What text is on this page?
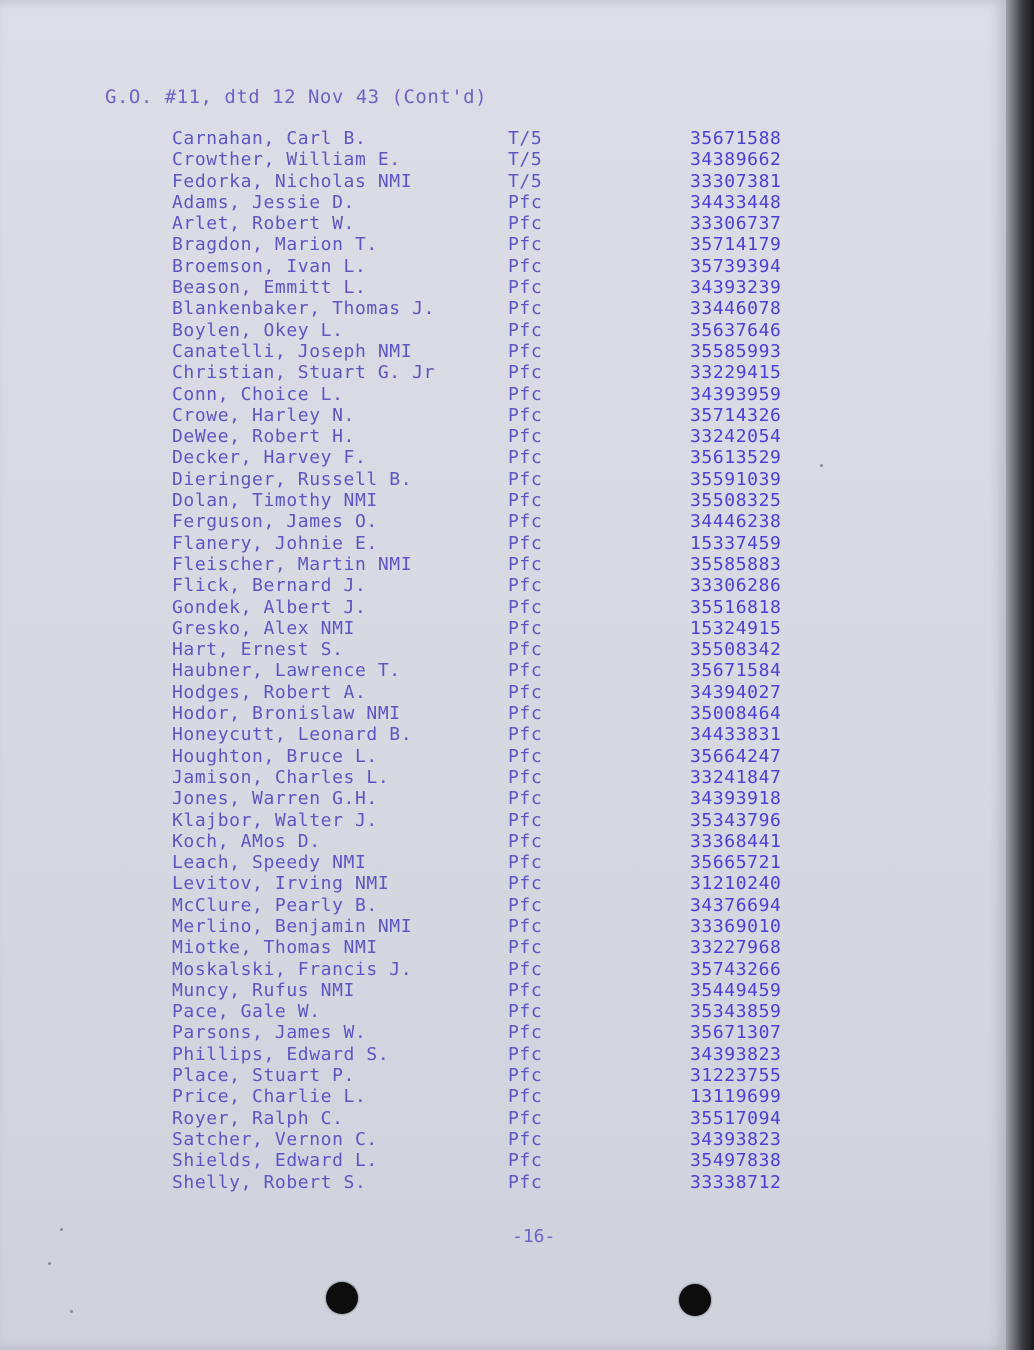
G.O. #11, dtd 12 Nov 43 (Cont'd)
Carnahan, Carl B.	T/5	35671588
Crowther, William E.	T/5	34389662
Fedorka, Nicholas NMI	T/5	33307381
Adams, Jessie D.	Pfc	34433448
Arlet, Robert W.	Pfc	33306737
Bragdon, Marion T.	Pfc	35714179
Broemson, Ivan L.	Pfc	35739394
Beason, Emmitt L.	Pfc	34393239
Blankenbaker, Thomas J.	Pfc	33446078
Boylen, Okey L.	Pfc	35637646
Canatelli, Joseph NMI	Pfc	35585993
Christian, Stuart G. Jr	Pfc	33229415
Conn, Choice L.	Pfc	34393959
Crowe, Harley N.	Pfc	35714326
DeWee, Robert H.	Pfc	33242054
Decker, Harvey F.	Pfc	35613529
Dieringer, Russell B.	Pfc	35591039
Dolan, Timothy NMI	Pfc	35508325
Ferguson, James O.	Pfc	34446238
Flanery, Johnie E.	Pfc	15337459
Fleischer, Martin NMI	Pfc	35585883
Flick, Bernard J.	Pfc	33306286
Gondek, Albert J.	Pfc	35516818
Gresko, Alex NMI	Pfc	15324915
Hart, Ernest S.	Pfc	35508342
Haubner, Lawrence T.	Pfc	35671584
Hodges, Robert A.	Pfc	34394027
Hodor, Bronislaw NMI	Pfc	35008464
Honeycutt, Leonard B.	Pfc	34433831
Houghton, Bruce L.	Pfc	35664247
Jamison, Charles L.	Pfc	33241847
Jones, Warren G.H.	Pfc	34393918
Klajbor, Walter J.	Pfc	35343796
Koch, AMos D.	Pfc	33368441
Leach, Speedy NMI	Pfc	35665721
Levitov, Irving NMI	Pfc	31210240
McClure, Pearly B.	Pfc	34376694
Merlino, Benjamin NMI	Pfc	33369010
Miotke, Thomas NMI	Pfc	33227968
Moskalski, Francis J.	Pfc	35743266
Muncy, Rufus NMI	Pfc	35449459
Pace, Gale W.	Pfc	35343859
Parsons, James W.	Pfc	35671307
Phillips, Edward S.	Pfc	34393823
Place, Stuart P.	Pfc	31223755
Price, Charlie L.	Pfc	13119699
Royer, Ralph C.	Pfc	35517094
Satcher, Vernon C.	Pfc	34393823
Shields, Edward L.	Pfc	35497838
Shelly, Robert S.	Pfc	33338712
-16-
